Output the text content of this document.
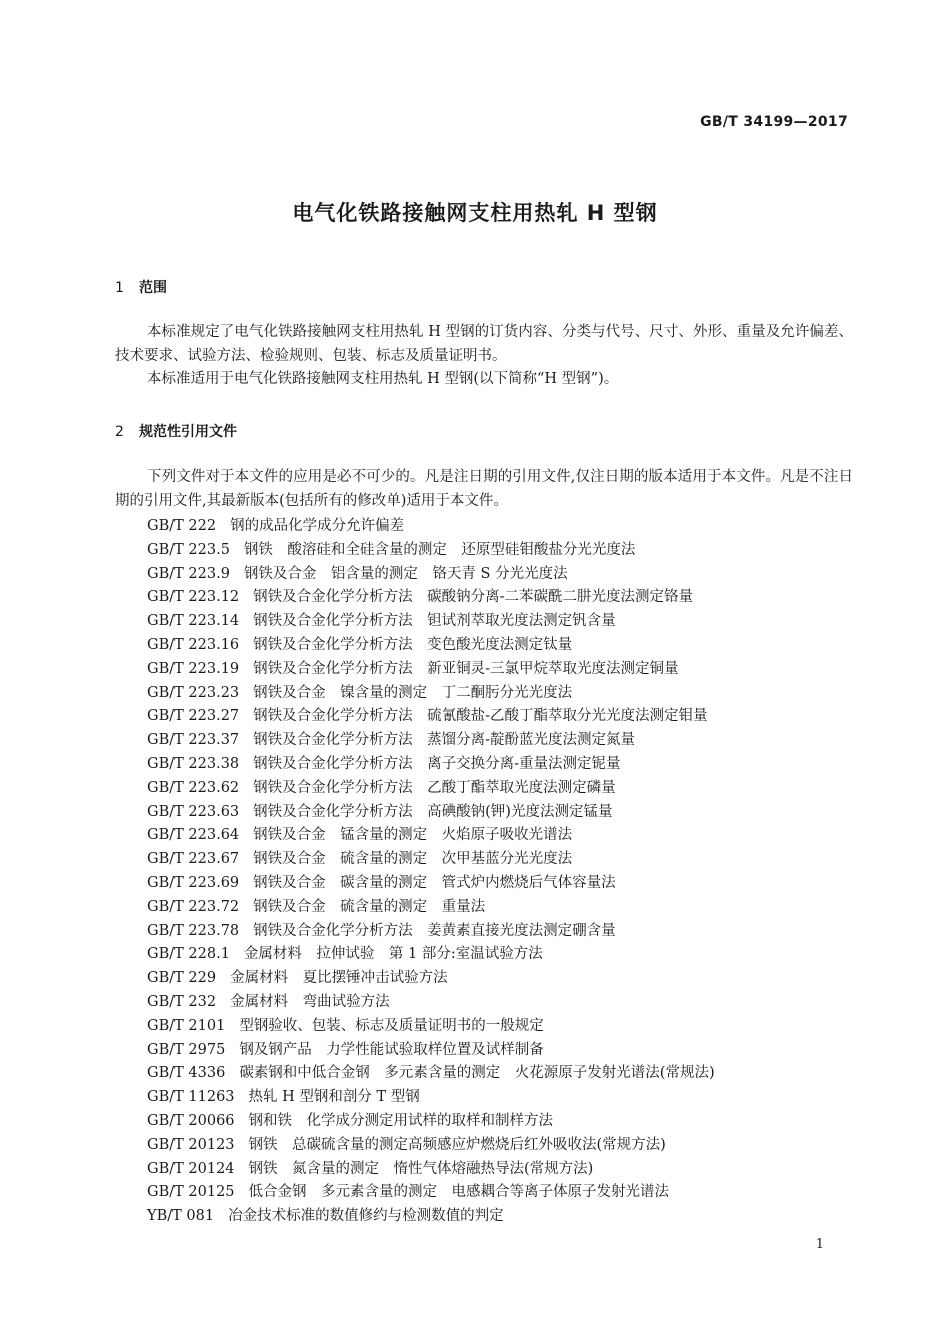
GB/T 34199—2017
电气化铁路接触网支柱用热轧 H 型钢
1 范围

本标准规定了电气化铁路接触网支柱用热轧 H 型钢的订货内容、分类与代号、尺寸、外形、重量及允许偏差、技术要求、试验方法、检验规则、包装、标志及质量证明书。

本标准适用于电气化铁路接触网支柱用热轧 H 型钢(以下简称“H 型钢”)。

2 规范性引用文件

下列文件对于本文件的应用是必不可少的。凡是注日期的引用文件,仅注日期的版本适用于本文件。凡是不注日期的引用文件,其最新版本(包括所有的修改单)适用于本文件。

GB/T 222 钢的成品化学成分允许偏差
GB/T 223.5 钢铁　酸溶硅和全硅含量的测定　还原型硅钼酸盐分光光度法
GB/T 223.9 钢铁及合金　铝含量的测定　铬天青 S 分光光度法
GB/T 223.12 钢铁及合金化学分析方法　碳酸钠分离-二苯碳酰二肼光度法测定铬量
GB/T 223.14 钢铁及合金化学分析方法　钽试剂萃取光度法测定钒含量
GB/T 223.16 钢铁及合金化学分析方法　变色酸光度法测定钛量
GB/T 223.19 钢铁及合金化学分析方法　新亚铜灵-三氯甲烷萃取光度法测定铜量
GB/T 223.23 钢铁及合金　镍含量的测定　丁二酮肟分光光度法
GB/T 223.27 钢铁及合金化学分析方法　硫氰酸盐-乙酸丁酯萃取分光光度法测定钼量
GB/T 223.37 钢铁及合金化学分析方法　蒸馏分离-靛酚蓝光度法测定氮量
GB/T 223.38 钢铁及合金化学分析方法　离子交换分离-重量法测定铌量
GB/T 223.62 钢铁及合金化学分析方法　乙酸丁酯萃取光度法测定磷量
GB/T 223.63 钢铁及合金化学分析方法　高碘酸钠(钾)光度法测定锰量
GB/T 223.64 钢铁及合金　锰含量的测定　火焰原子吸收光谱法
GB/T 223.67 钢铁及合金　硫含量的测定　次甲基蓝分光光度法
GB/T 223.69 钢铁及合金　碳含量的测定　管式炉内燃烧后气体容量法
GB/T 223.72 钢铁及合金　硫含量的测定　重量法
GB/T 223.78 钢铁及合金化学分析方法　姜黄素直接光度法测定硼含量
GB/T 228.1 金属材料　拉伸试验　第 1 部分:室温试验方法
GB/T 229 金属材料　夏比摆锤冲击试验方法
GB/T 232 金属材料　弯曲试验方法
GB/T 2101 型钢验收、包装、标志及质量证明书的一般规定
GB/T 2975 钢及钢产品　力学性能试验取样位置及试样制备
GB/T 4336 碳素钢和中低合金钢　多元素含量的测定　火花源原子发射光谱法(常规法)
GB/T 11263 热轧 H 型钢和剖分 T 型钢
GB/T 20066 钢和铁　化学成分测定用试样的取样和制样方法
GB/T 20123 钢铁　总碳硫含量的测定高频感应炉燃烧后红外吸收法(常规方法)
GB/T 20124 钢铁　氮含量的测定　惰性气体熔融热导法(常规方法)
GB/T 20125 低合金钢　多元素含量的测定　电感耦合等离子体原子发射光谱法
YB/T 081 冶金技术标准的数值修约与检测数值的判定
1
